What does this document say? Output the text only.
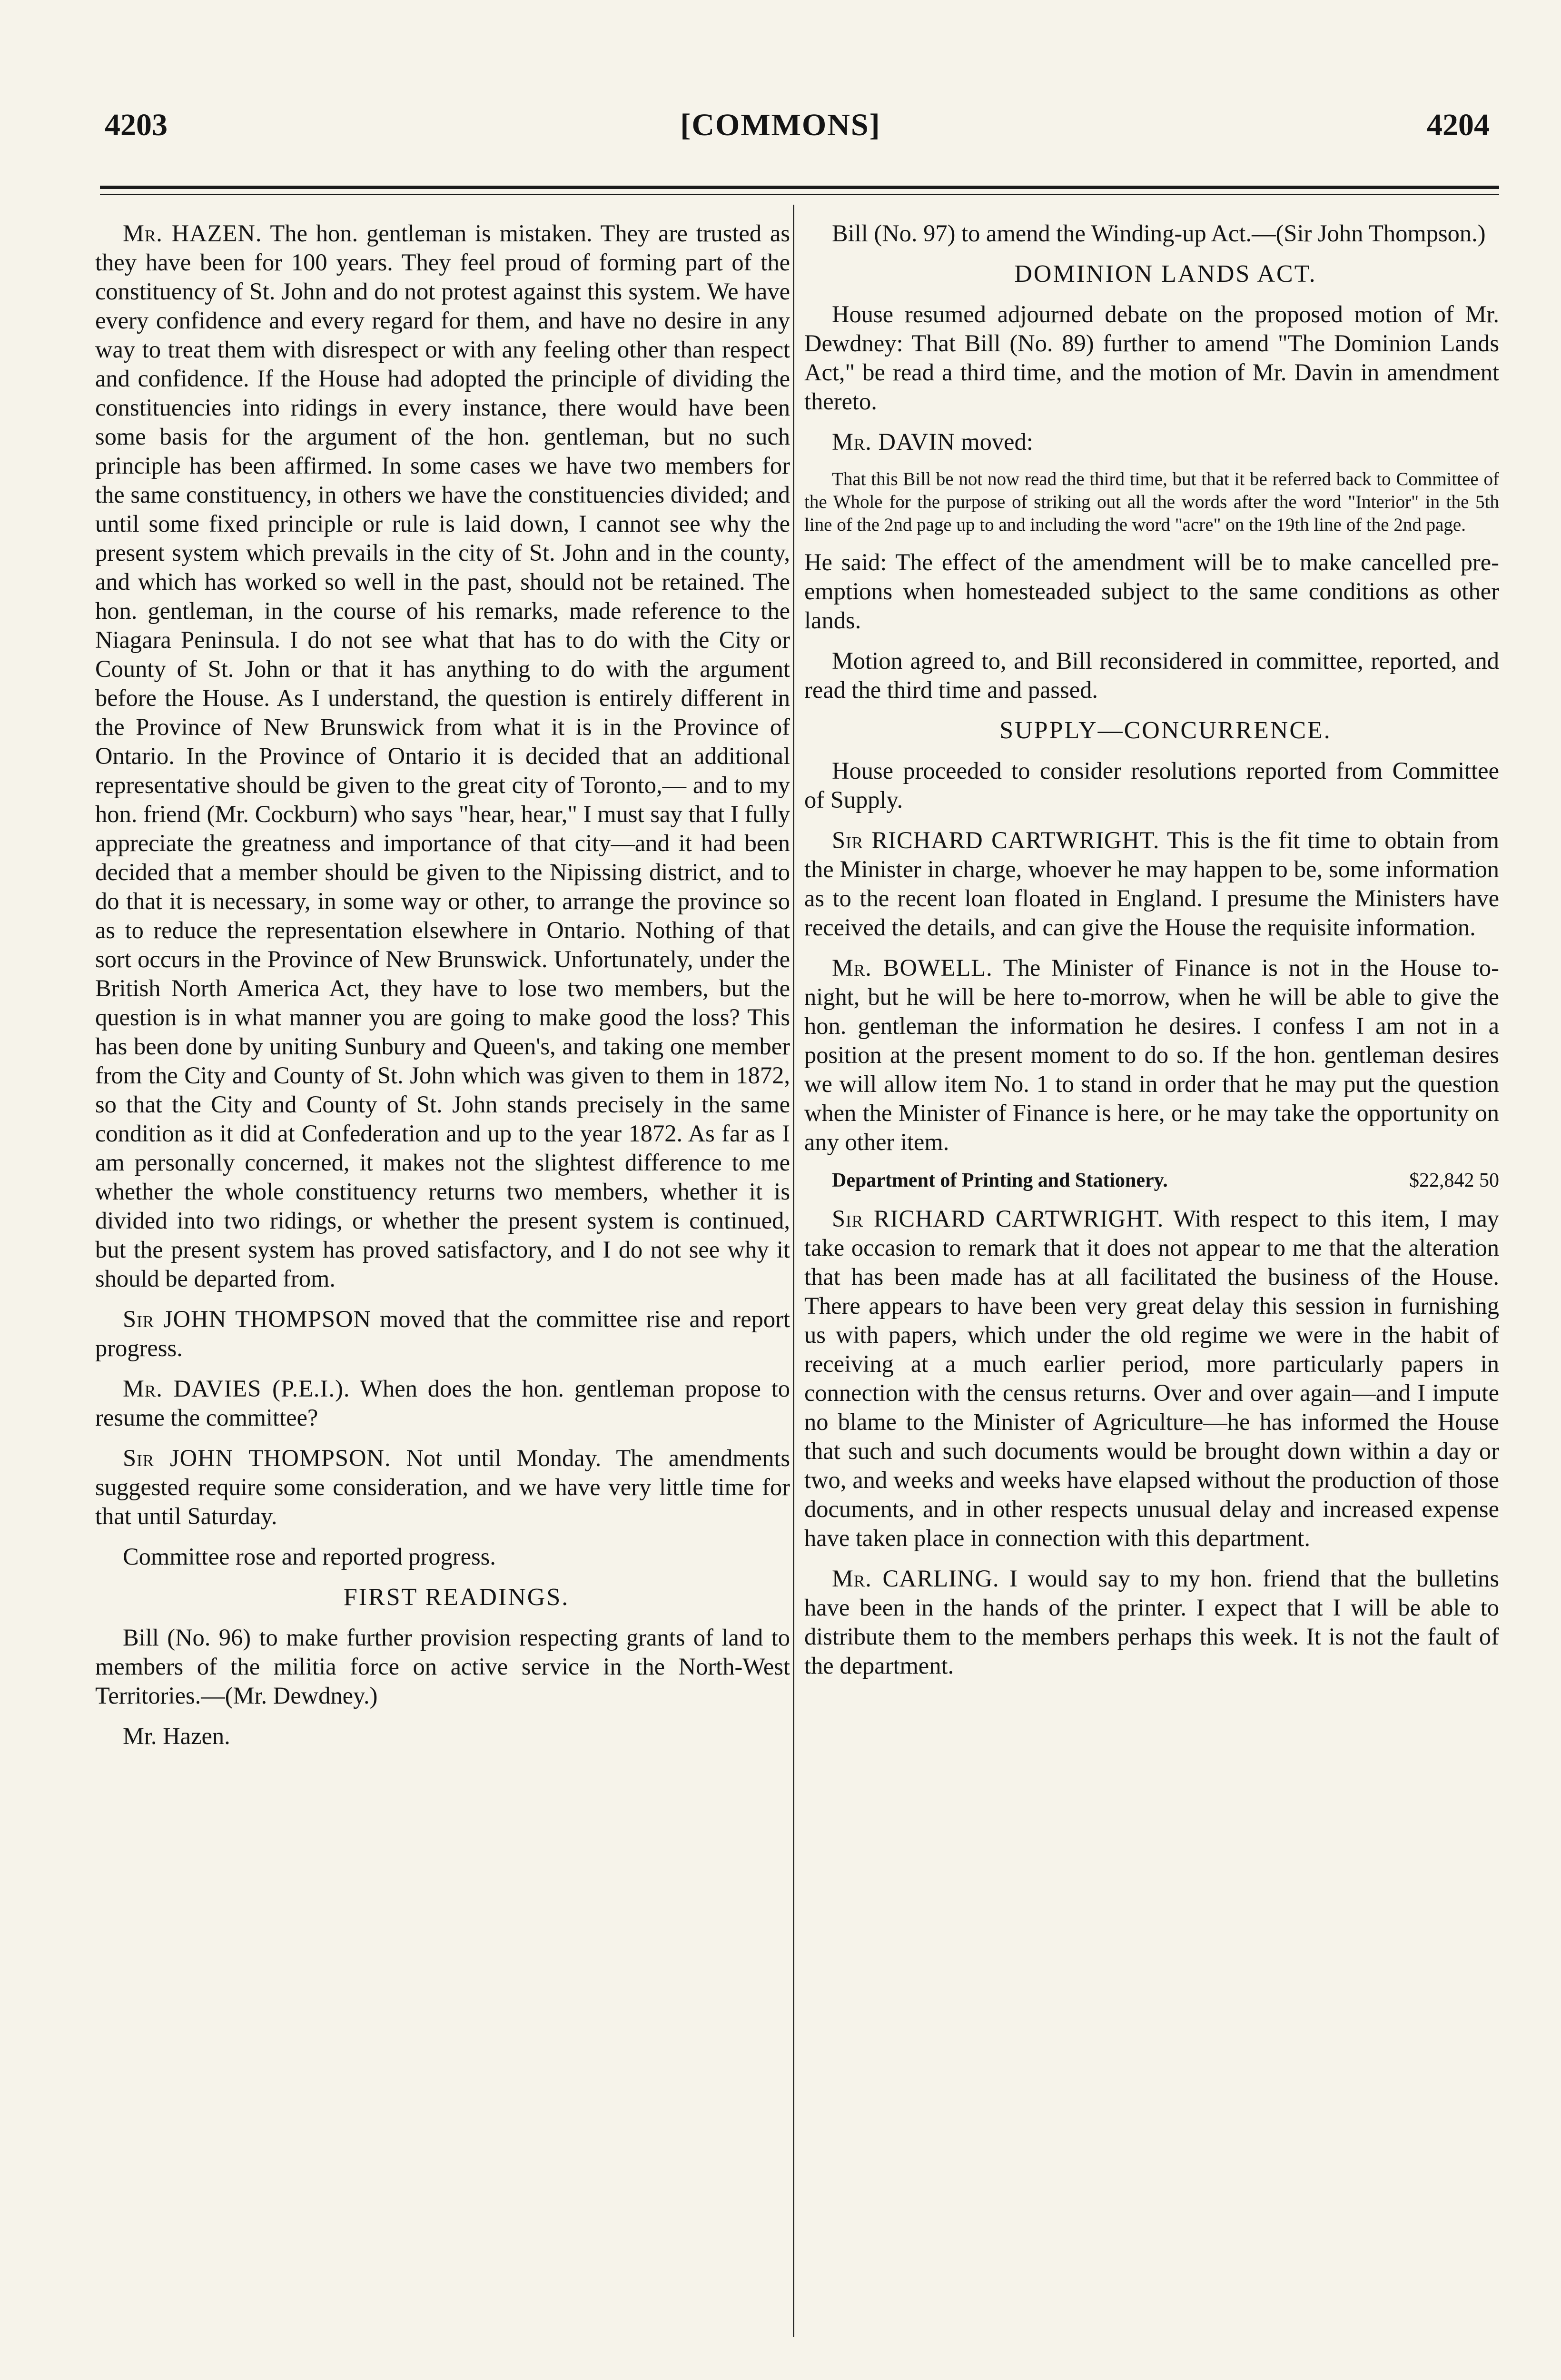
4203	[COMMONS]	4204

Mr. HAZEN. The hon. gentleman is mistaken. They are trusted as they have been for 100 years. They feel proud of forming part of the constituency of St. John and do not protest against this system. We have every confidence and every regard for them, and have no desire in any way to treat them with disrespect or with any feeling other than respect and confidence. If the House had adopted the principle of dividing the constituencies into ridings in every instance, there would have been some basis for the argument of the hon. gentleman, but no such principle has been affirmed. In some cases we have two members for the same constituency, in others we have the constituencies divided; and until some fixed principle or rule is laid down, I cannot see why the present system which prevails in the city of St. John and in the county, and which has worked so well in the past, should not be retained. The hon. gentleman, in the course of his remarks, made reference to the Niagara Peninsula. I do not see what that has to do with the City or County of St. John or that it has anything to do with the argument before the House. As I understand, the question is entirely different in the Province of New Brunswick from what it is in the Province of Ontario. In the Province of Ontario it is decided that an additional representative should be given to the great city of Toronto,— and to my hon. friend (Mr. Cockburn) who says "hear, hear," I must say that I fully appreciate the greatness and importance of that city—and it had been decided that a member should be given to the Nipissing district, and to do that it is necessary, in some way or other, to arrange the province so as to reduce the representation elsewhere in Ontario. Nothing of that sort occurs in the Province of New Brunswick. Unfortunately, under the British North America Act, they have to lose two members, but the question is in what manner you are going to make good the loss? This has been done by uniting Sunbury and Queen's, and taking one member from the City and County of St. John which was given to them in 1872, so that the City and County of St. John stands precisely in the same condition as it did at Confederation and up to the year 1872. As far as I am personally concerned, it makes not the slightest difference to me whether the whole constituency returns two members, whether it is divided into two ridings, or whether the present system is continued, but the present system has proved satisfactory, and I do not see why it should be departed from.

Sir JOHN THOMPSON moved that the committee rise and report progress.

Mr. DAVIES (P.E.I.). When does the hon. gentleman propose to resume the committee?

Sir JOHN THOMPSON. Not until Monday. The amendments suggested require some consideration, and we have very little time for that until Saturday.

Committee rose and reported progress.

FIRST READINGS.

Bill (No. 96) to make further provision respecting grants of land to members of the militia force on active service in the North-West Territories.—(Mr. Dewdney.)

Mr. Hazen.

Bill (No. 97) to amend the Winding-up Act.—(Sir John Thompson.)

DOMINION LANDS ACT.

House resumed adjourned debate on the proposed motion of Mr. Dewdney: That Bill (No. 89) further to amend "The Dominion Lands Act," be read a third time, and the motion of Mr. Davin in amendment thereto.

Mr. DAVIN moved:

That this Bill be not now read the third time, but that it be referred back to Committee of the Whole for the purpose of striking out all the words after the word "Interior" in the 5th line of the 2nd page up to and including the word "acre" on the 19th line of the 2nd page.

He said: The effect of the amendment will be to make cancelled pre-emptions when homesteaded subject to the same conditions as other lands.

Motion agreed to, and Bill reconsidered in committee, reported, and read the third time and passed.

SUPPLY—CONCURRENCE.

House proceeded to consider resolutions reported from Committee of Supply.

Sir RICHARD CARTWRIGHT. This is the fit time to obtain from the Minister in charge, whoever he may happen to be, some information as to the recent loan floated in England. I presume the Ministers have received the details, and can give the House the requisite information.

Mr. BOWELL. The Minister of Finance is not in the House to-night, but he will be here to-morrow, when he will be able to give the hon. gentleman the information he desires. I confess I am not in a position at the present moment to do so. If the hon. gentleman desires we will allow item No. 1 to stand in order that he may put the question when the Minister of Finance is here, or he may take the opportunity on any other item.

Department of Printing and Stationery.	$22,842 50

Sir RICHARD CARTWRIGHT. With respect to this item, I may take occasion to remark that it does not appear to me that the alteration that has been made has at all facilitated the business of the House. There appears to have been very great delay this session in furnishing us with papers, which under the old regime we were in the habit of receiving at a much earlier period, more particularly papers in connection with the census returns. Over and over again—and I impute no blame to the Minister of Agriculture—he has informed the House that such and such documents would be brought down within a day or two, and weeks and weeks have elapsed without the production of those documents, and in other respects unusual delay and increased expense have taken place in connection with this department.

Mr. CARLING. I would say to my hon. friend that the bulletins have been in the hands of the printer. I expect that I will be able to distribute them to the members perhaps this week. It is not the fault of the department.
